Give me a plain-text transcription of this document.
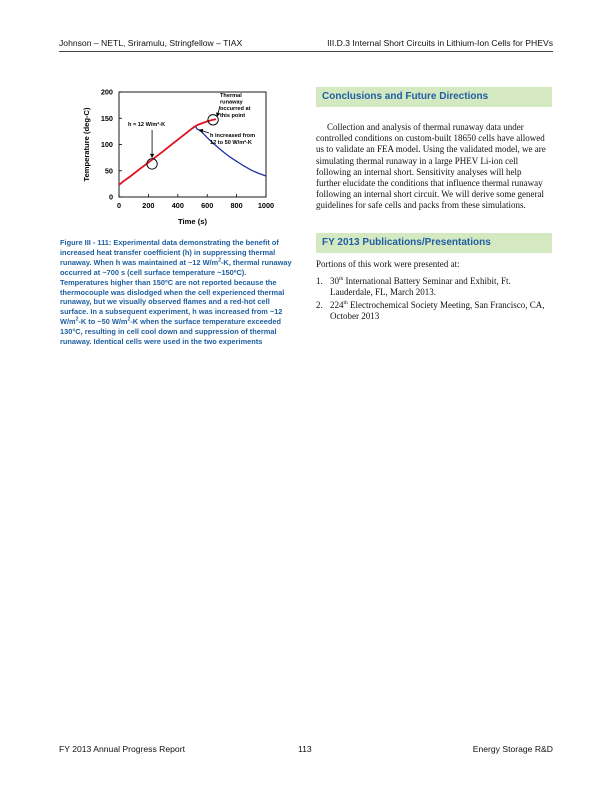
Johnson – NETL, Sriramulu, Stringfellow – TIAX	III.D.3 Internal Short Circuits in Lithium-Ion Cells for PHEVs
0	200 400 600 800 1000
0
50
100
150
200
Time (s)
Temperature (deg-C)	h = 12 W/m²-K
Thermal runaway occurred at this point
h increased from 12 to 50 W/m²-K
Figure III - 111: Experimental data demonstrating the benefit of increased heat transfer coefficient (h) in suppressing thermal runaway. When h was maintained at ~12 $W/m^2-K$, thermal runaway occurred at ~700 s (cell surface temperature ~150ºC). Temperatures higher than 150ºC are not reported because the thermocouple was dislodged when the cell experienced thermal runaway, but we visually observed flames and a red-hot cell surface. In a subsequent experiment, h was increased from ~12 $W/m^2-K$ to ~50 $W/m^2-K$ when the surface temperature exceeded 130°C, resulting in cell cool down and suppression of thermal runaway. Identical cells were used in the two experiments
Conclusions and Future Directions
Collection and analysis of thermal runaway data under controlled conditions on custom-built 18650 cells have allowed us to validate an FEA model. Using the validated model, we are simulating thermal runaway in a large PHEV Li-ion cell following an internal short. Sensitivity analyses will help further elucidate the conditions that influence thermal runaway following an internal short circuit. We will derive some general guidelines for safe cells and packs from these simulations.
FY 2013 Publications/Presentations
Portions of this work were presented at:
1. 30th International Battery Seminar and Exhibit, Ft. Lauderdale, FL, March 2013.
2. 224th Electrochemical Society Meeting, San Francisco, CA, October 2013
FY 2013 Annual Progress Report	113	Energy Storage R&D
